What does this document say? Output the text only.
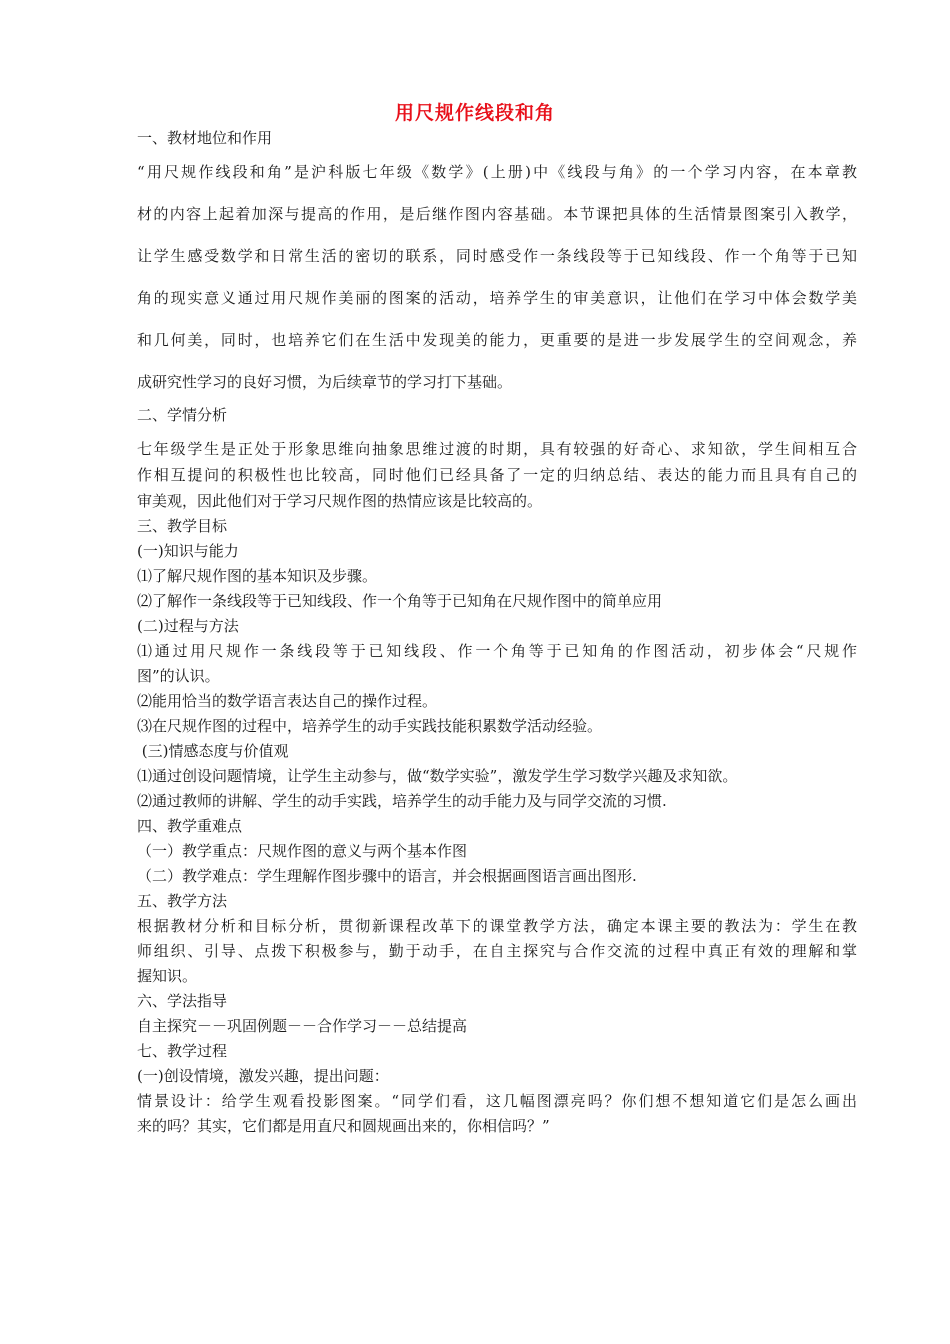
用尺规作线段和角
一、教材地位和作用
“用尺规作线段和角”是沪科版七年级《数学》(上册)中《线段与角》的一个学习内容，在本章教
材的内容上起着加深与提高的作用，是后继作图内容基础。本节课把具体的生活情景图案引入教学，
让学生感受数学和日常生活的密切的联系，同时感受作一条线段等于已知线段、作一个角等于已知
角的现实意义通过用尺规作美丽的图案的活动，培养学生的审美意识，让他们在学习中体会数学美
和几何美，同时，也培养它们在生活中发现美的能力，更重要的是进一步发展学生的空间观念，养
成研究性学习的良好习惯，为后续章节的学习打下基础。
二、学情分析
七年级学生是正处于形象思维向抽象思维过渡的时期，具有较强的好奇心、求知欲，学生间相互合
作相互提问的积极性也比较高，同时他们已经具备了一定的归纳总结、表达的能力而且具有自己的
审美观，因此他们对于学习尺规作图的热情应该是比较高的。
三、教学目标
(一)知识与能力
⑴了解尺规作图的基本知识及步骤。
⑵了解作一条线段等于已知线段、作一个角等于已知角在尺规作图中的简单应用
(二)过程与方法
⑴通过用尺规作一条线段等于已知线段、作一个角等于已知角的作图活动，初步体会“尺规作
图”的认识。
⑵能用恰当的数学语言表达自己的操作过程。
⑶在尺规作图的过程中，培养学生的动手实践技能积累数学活动经验。
(三)情感态度与价值观
⑴通过创设问题情境，让学生主动参与，做“数学实验”，激发学生学习数学兴趣及求知欲。
⑵通过教师的讲解、学生的动手实践，培养学生的动手能力及与同学交流的习惯.
四、教学重难点
（一）教学重点：尺规作图的意义与两个基本作图
（二）教学难点：学生理解作图步骤中的语言，并会根据画图语言画出图形.
五、教学方法
根据教材分析和目标分析，贯彻新课程改革下的课堂教学方法，确定本课主要的教法为：学生在教
师组织、引导、点拨下积极参与，勤于动手，在自主探究与合作交流的过程中真正有效的理解和掌
握知识。
六、学法指导
自主探究－－巩固例题－－合作学习－－总结提高
七、教学过程
(一)创设情境，激发兴趣，提出问题：
情景设计：给学生观看投影图案。“同学们看，这几幅图漂亮吗？你们想不想知道它们是怎么画出
来的吗？其实，它们都是用直尺和圆规画出来的，你相信吗？”
